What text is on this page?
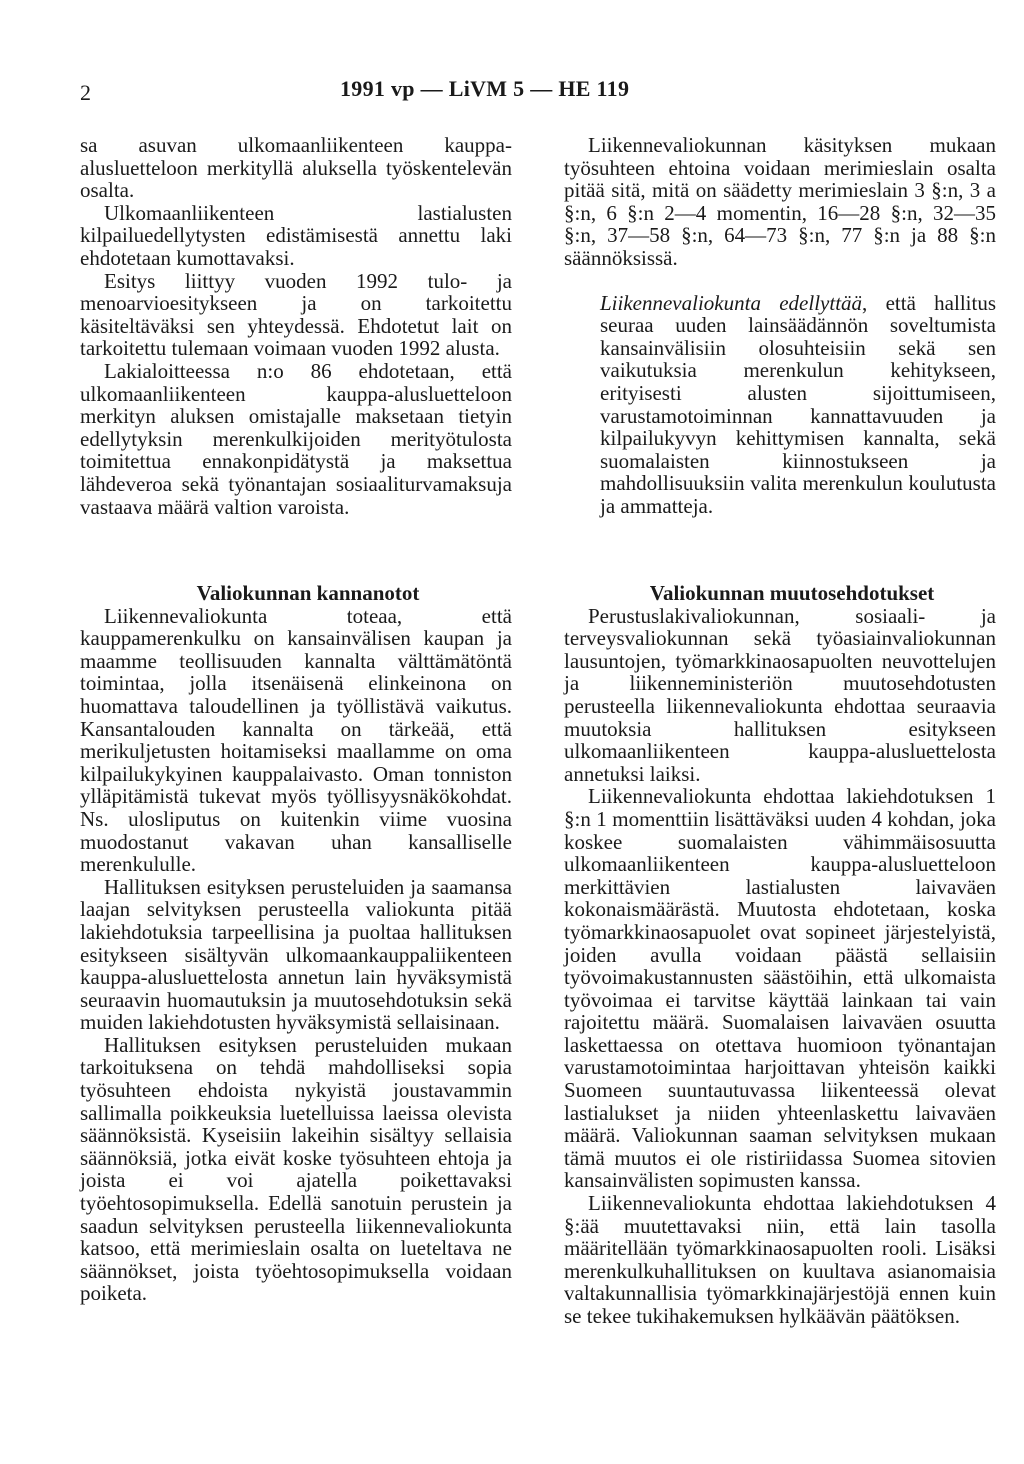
2	1991 vp — LiVM 5 — HE 119

sa asuvan ulkomaanliikenteen kauppa-alusluetteloon merkityllä aluksella työskentelevän osalta.

Ulkomaanliikenteen lastialusten kilpailuedellytysten edistämisestä annettu laki ehdotetaan kumottavaksi.

Esitys liittyy vuoden 1992 tulo- ja menoarvioesitykseen ja on tarkoitettu käsiteltäväksi sen yhteydessä. Ehdotetut lait on tarkoitettu tulemaan voimaan vuoden 1992 alusta.

Lakialoitteessa n:o 86 ehdotetaan, että ulkomaanliikenteen kauppa-alusluetteloon merkityn aluksen omistajalle maksetaan tietyin edellytyksin merenkulkijoiden merityötulosta toimitettua ennakonpidätystä ja maksettua lähdeveroa sekä työnantajan sosiaaliturvamaksuja vastaava määrä valtion varoista.

Liikennevaliokunnan käsityksen mukaan työsuhteen ehtoina voidaan merimieslain osalta pitää sitä, mitä on säädetty merimieslain 3 §:n, 3 a §:n, 6 §:n 2—4 momentin, 16—28 §:n, 32—35 §:n, 37—58 §:n, 64—73 §:n, 77 §:n ja 88 §:n säännöksissä.

Liikennevaliokunta edellyttää, että hallitus seuraa uuden lainsäädännön soveltumista kansainvälisiin olosuhteisiin sekä sen vaikutuksia merenkulun kehitykseen, erityisesti alusten sijoittumiseen, varustamotoiminnan kannattavuuden ja kilpailukyvyn kehittymisen kannalta, sekä suomalaisten kiinnostukseen ja mahdollisuuksiin valita merenkulun koulutusta ja ammatteja.

Valiokunnan kannanotot

Liikennevaliokunta toteaa, että kauppamerenkulku on kansainvälisen kaupan ja maamme teollisuuden kannalta välttämätöntä toimintaa, jolla itsenäisenä elinkeinona on huomattava taloudellinen ja työllistävä vaikutus. Kansantalouden kannalta on tärkeää, että merikuljetusten hoitamiseksi maallamme on oma kilpailukykyinen kauppalaivasto. Oman tonniston ylläpitämistä tukevat myös työllisyysnäkökohdat. Ns. ulosliputus on kuitenkin viime vuosina muodostanut vakavan uhan kansalliselle merenkululle.

Hallituksen esityksen perusteluiden ja saamansa laajan selvityksen perusteella valiokunta pitää lakiehdotuksia tarpeellisina ja puoltaa hallituksen esitykseen sisältyvän ulkomaankauppaliikenteen kauppa-alusluettelosta annetun lain hyväksymistä seuraavin huomautuksin ja muutosehdotuksin sekä muiden lakiehdotusten hyväksymistä sellaisinaan.

Hallituksen esityksen perusteluiden mukaan tarkoituksena on tehdä mahdolliseksi sopia työsuhteen ehdoista nykyistä joustavammin sallimalla poikkeuksia luetelluissa laeissa olevista säännöksistä. Kyseisiin lakeihin sisältyy sellaisia säännöksiä, jotka eivät koske työsuhteen ehtoja ja joista ei voi ajatella poikettavaksi työehtosopimuksella. Edellä sanotuin perustein ja saadun selvityksen perusteella liikennevaliokunta katsoo, että merimieslain osalta on lueteltava ne säännökset, joista työehtosopimuksella voidaan poiketa.

Valiokunnan muutosehdotukset

Perustuslakivaliokunnan, sosiaali- ja terveysvaliokunnan sekä työasiainvaliokunnan lausuntojen, työmarkkinaosapuolten neuvottelujen ja liikenneministeriön muutosehdotusten perusteella liikennevaliokunta ehdottaa seuraavia muutoksia hallituksen esitykseen ulkomaanliikenteen kauppa-alusluettelosta annetuksi laiksi.

Liikennevaliokunta ehdottaa lakiehdotuksen 1 §:n 1 momenttiin lisättäväksi uuden 4 kohdan, joka koskee suomalaisten vähimmäisosuutta ulkomaanliikenteen kauppa-alusluetteloon merkittävien lastialusten laivaväen kokonaismäärästä. Muutosta ehdotetaan, koska työmarkkinaosapuolet ovat sopineet järjestelyistä, joiden avulla voidaan päästä sellaisiin työvoimakustannusten säästöihin, että ulkomaista työvoimaa ei tarvitse käyttää lainkaan tai vain rajoitettu määrä. Suomalaisen laivaväen osuutta laskettaessa on otettava huomioon työnantajan varustamotoimintaa harjoittavan yhteisön kaikki Suomeen suuntautuvassa liikenteessä olevat lastialukset ja niiden yhteenlaskettu laivaväen määrä. Valiokunnan saaman selvityksen mukaan tämä muutos ei ole ristiriidassa Suomea sitovien kansainvälisten sopimusten kanssa.

Liikennevaliokunta ehdottaa lakiehdotuksen 4 §:ää muutettavaksi niin, että lain tasolla määritellään työmarkkinaosapuolten rooli. Lisäksi merenkulkuhallituksen on kuultava asianomaisia valtakunnallisia työmarkkinajärjestöjä ennen kuin se tekee tukihakemuksen hylkäävän päätöksen.
